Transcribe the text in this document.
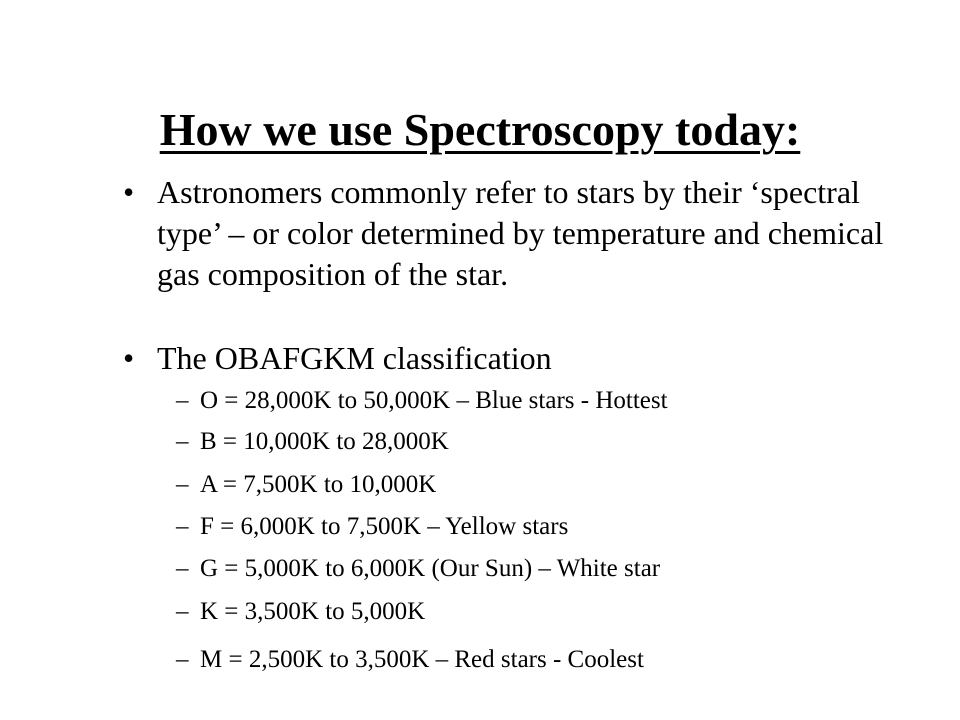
How we use Spectroscopy today:
• Astronomers commonly refer to stars by their ‘spectral type’ – or color determined by temperature and chemical gas composition of the star.
• The OBAFGKM classification
– O = 28,000K to 50,000K – Blue stars - Hottest
– B = 10,000K to 28,000K
– A = 7,500K to 10,000K
– F = 6,000K to 7,500K – Yellow stars
– G = 5,000K to 6,000K (Our Sun) – White star
– K = 3,500K to 5,000K
– M = 2,500K to 3,500K – Red stars - Coolest
